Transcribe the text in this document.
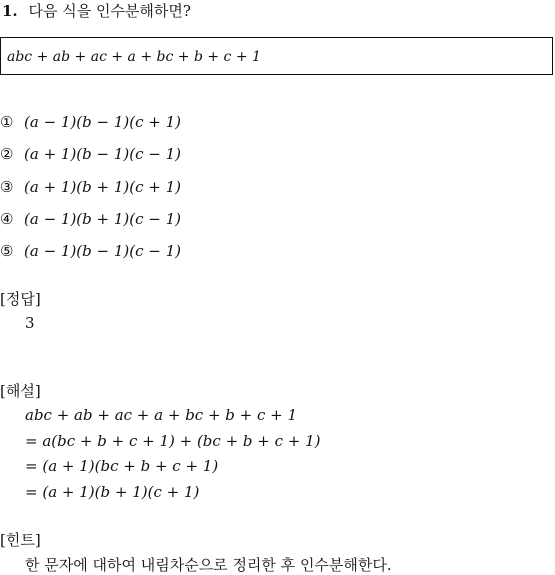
1. 다음 식을 인수분해하면?
abc + ab + ac + a + bc + b + c + 1
① (a − 1)(b − 1)(c + 1)
② (a + 1)(b − 1)(c − 1)
③ (a + 1)(b + 1)(c + 1)
④ (a − 1)(b + 1)(c − 1)
⑤ (a − 1)(b − 1)(c − 1)
[정답]
3
[해설]
abc + ab + ac + a + bc + b + c + 1
= a(bc + b + c + 1) + (bc + b + c + 1)
= (a + 1)(bc + b + c + 1)
= (a + 1)(b + 1)(c + 1)
[힌트]
한 문자에 대하여 내림차순으로 정리한 후 인수분해한다.
